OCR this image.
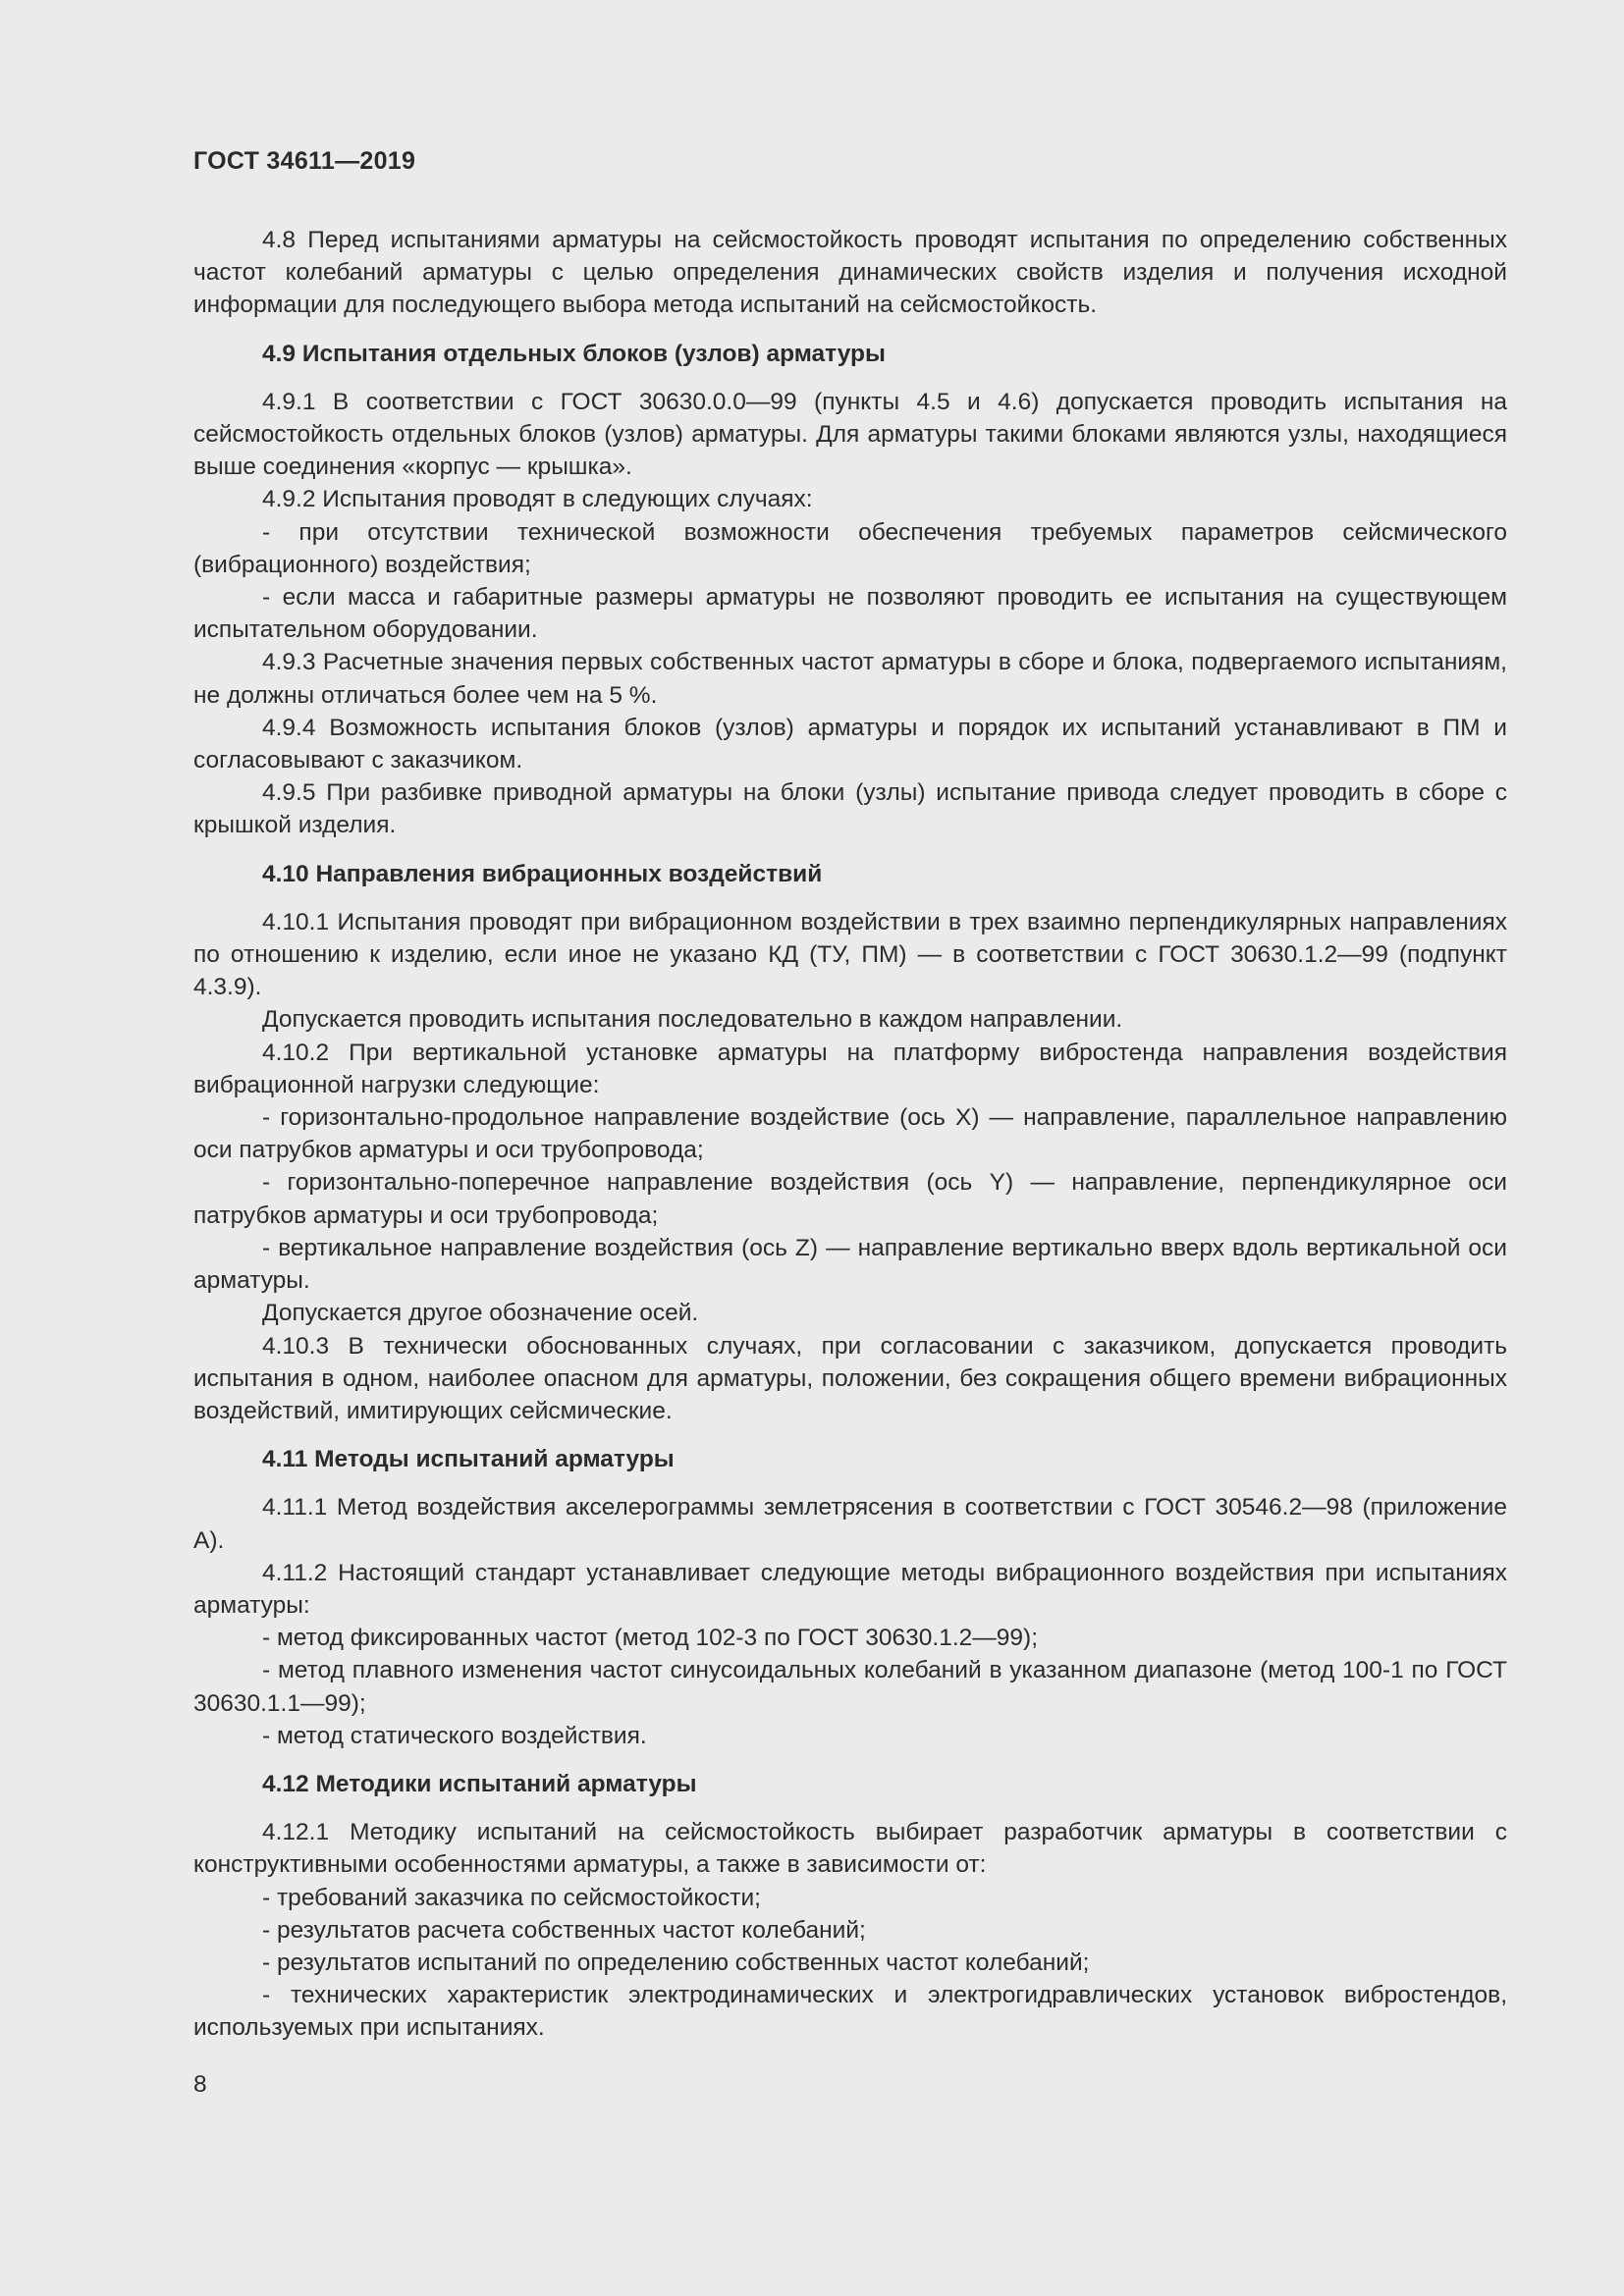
ГОСТ 34611—2019

4.8 Перед испытаниями арматуры на сейсмостойкость проводят испытания по определению собственных частот колебаний арматуры с целью определения динамических свойств изделия и получения исходной информации для последующего выбора метода испытаний на сейсмостойкость.

4.9 Испытания отдельных блоков (узлов) арматуры

4.9.1 В соответствии с ГОСТ 30630.0.0—99 (пункты 4.5 и 4.6) допускается проводить испытания на сейсмостойкость отдельных блоков (узлов) арматуры. Для арматуры такими блоками являются узлы, находящиеся выше соединения «корпус — крышка».

4.9.2 Испытания проводят в следующих случаях:

- при отсутствии технической возможности обеспечения требуемых параметров сейсмического (вибрационного) воздействия;

- если масса и габаритные размеры арматуры не позволяют проводить ее испытания на существующем испытательном оборудовании.

4.9.3 Расчетные значения первых собственных частот арматуры в сборе и блока, подвергаемого испытаниям, не должны отличаться более чем на 5 %.

4.9.4 Возможность испытания блоков (узлов) арматуры и порядок их испытаний устанавливают в ПМ и согласовывают с заказчиком.

4.9.5 При разбивке приводной арматуры на блоки (узлы) испытание привода следует проводить в сборе с крышкой изделия.

4.10 Направления вибрационных воздействий

4.10.1 Испытания проводят при вибрационном воздействии в трех взаимно перпендикулярных направлениях по отношению к изделию, если иное не указано КД (ТУ, ПМ) — в соответствии с ГОСТ 30630.1.2—99 (подпункт 4.3.9).

Допускается проводить испытания последовательно в каждом направлении.

4.10.2 При вертикальной установке арматуры на платформу вибростенда направления воздействия вибрационной нагрузки следующие:

- горизонтально-продольное направление воздействие (ось X) — направление, параллельное направлению оси патрубков арматуры и оси трубопровода;

- горизонтально-поперечное направление воздействия (ось Y) — направление, перпендикулярное оси патрубков арматуры и оси трубопровода;

- вертикальное направление воздействия (ось Z) — направление вертикально вверх вдоль вертикальной оси арматуры.

Допускается другое обозначение осей.

4.10.3 В технически обоснованных случаях, при согласовании с заказчиком, допускается проводить испытания в одном, наиболее опасном для арматуры, положении, без сокращения общего времени вибрационных воздействий, имитирующих сейсмические.

4.11 Методы испытаний арматуры

4.11.1 Метод воздействия акселерограммы землетрясения в соответствии с ГОСТ 30546.2—98 (приложение А).

4.11.2 Настоящий стандарт устанавливает следующие методы вибрационного воздействия при испытаниях арматуры:

- метод фиксированных частот (метод 102-3 по ГОСТ 30630.1.2—99);

- метод плавного изменения частот синусоидальных колебаний в указанном диапазоне (метод 100-1 по ГОСТ 30630.1.1—99);

- метод статического воздействия.

4.12 Методики испытаний арматуры

4.12.1 Методику испытаний на сейсмостойкость выбирает разработчик арматуры в соответствии с конструктивными особенностями арматуры, а также в зависимости от:

- требований заказчика по сейсмостойкости;

- результатов расчета собственных частот колебаний;

- результатов испытаний по определению собственных частот колебаний;

- технических характеристик электродинамических и электрогидравлических установок вибростендов, используемых при испытаниях.

8
